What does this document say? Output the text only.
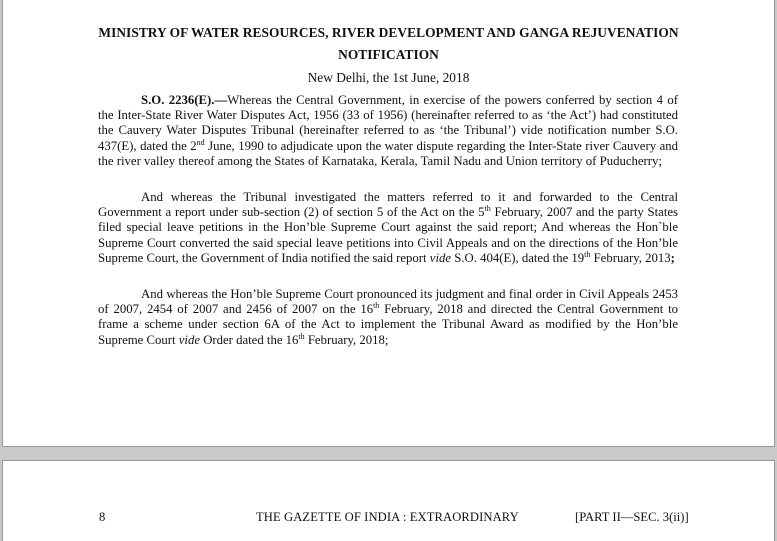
MINISTRY OF WATER RESOURCES, RIVER DEVELOPMENT AND GANGA REJUVENATION
NOTIFICATION
New Delhi, the 1st June, 2018

S.O. 2236(E).—Whereas the Central Government, in exercise of the powers conferred by section 4 of the Inter-State River Water Disputes Act, 1956 (33 of 1956) (hereinafter referred to as ‘the Act’) had constituted the Cauvery Water Disputes Tribunal (hereinafter referred to as ‘the Tribunal’) vide notification number S.O. 437(E), dated the 2nd June, 1990 to adjudicate upon the water dispute regarding the Inter-State river Cauvery and the river valley thereof among the States of Karnataka, Kerala, Tamil Nadu and Union territory of Puducherry;

And whereas the Tribunal investigated the matters referred to it and forwarded to the Central Government a report under sub-section (2) of section 5 of the Act on the 5th February, 2007 and the party States filed special leave petitions in the Hon’ble Supreme Court against the said report; And whereas the Hon`ble Supreme Court converted the said special leave petitions into Civil Appeals and on the directions of the Hon’ble Supreme Court, the Government of India notified the said report vide S.O. 404(E), dated the 19th February, 2013;

And whereas the Hon’ble Supreme Court pronounced its judgment and final order in Civil Appeals 2453 of 2007, 2454 of 2007 and 2456 of 2007 on the 16th February, 2018 and directed the Central Government to frame a scheme under section 6A of the Act to implement the Tribunal Award as modified by the Hon’ble Supreme Court vide Order dated the 16th February, 2018;

8	THE GAZETTE OF INDIA : EXTRAORDINARY	[PART II—SEC. 3(ii)]
